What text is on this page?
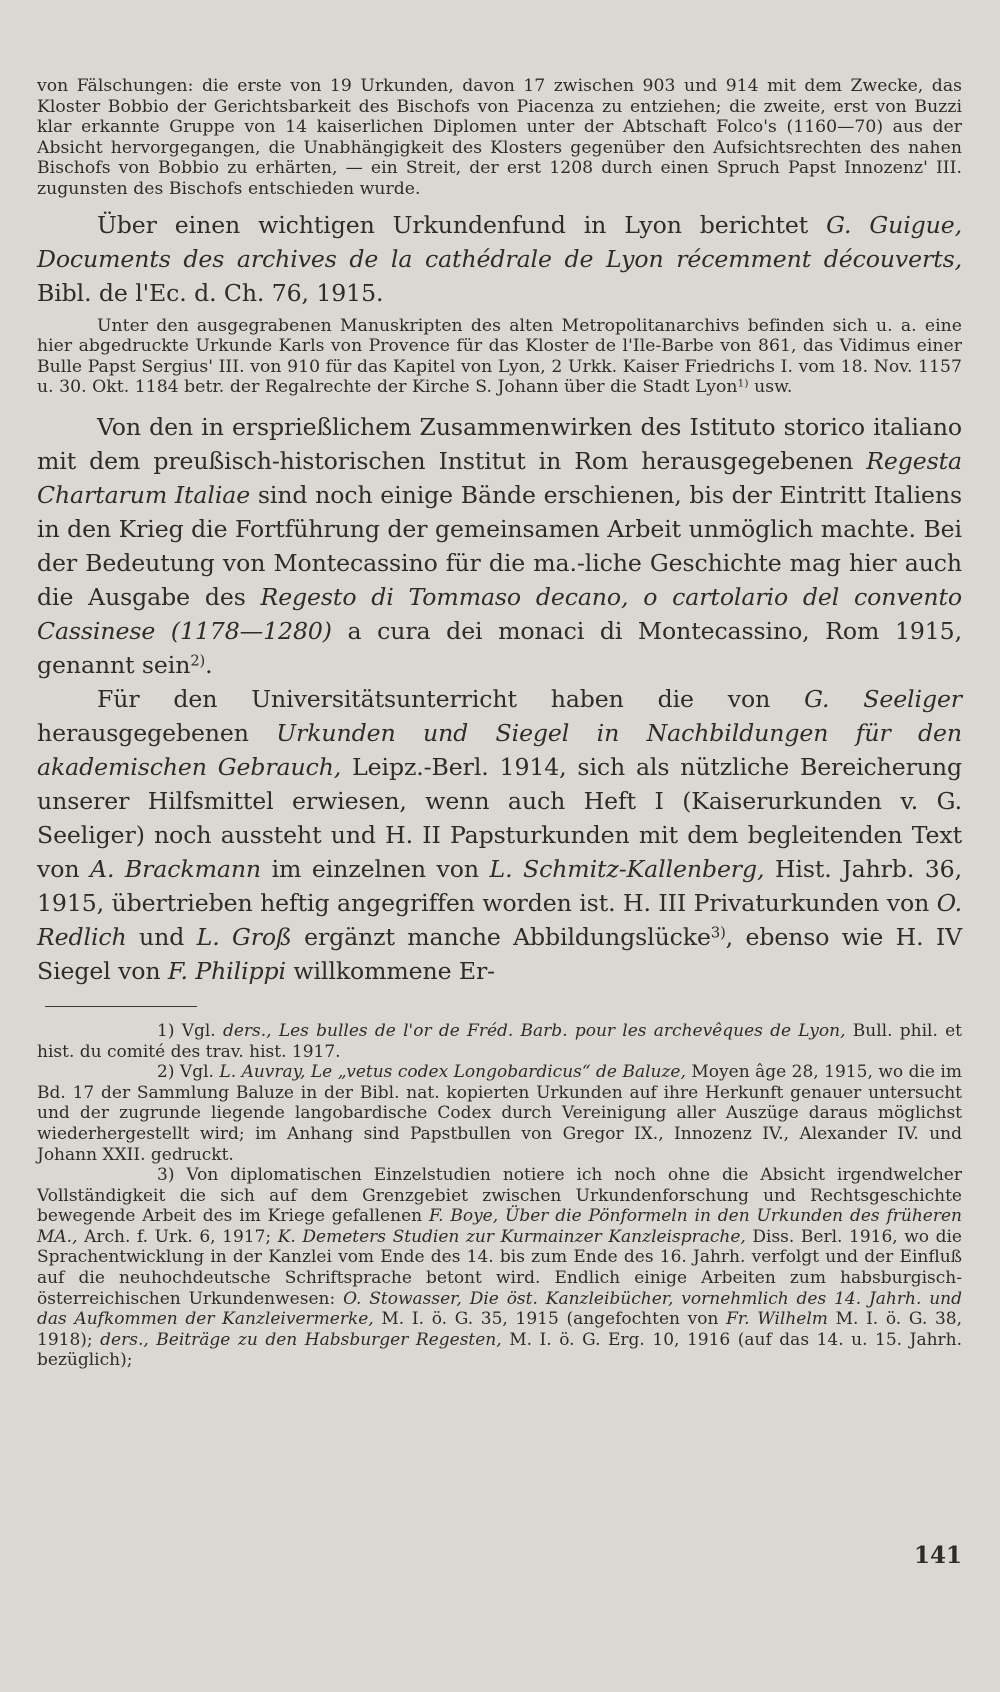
von Fälschungen: die erste von 19 Urkunden, davon 17 zwischen 903 und 914 mit dem Zwecke, das Kloster Bobbio der Gerichtsbarkeit des Bischofs von Piacenza zu entziehen; die zweite, erst von Buzzi klar erkannte Gruppe von 14 kaiserlichen Diplomen unter der Abtschaft Folco's (1160—70) aus der Absicht hervorgegangen, die Unabhängigkeit des Klosters gegenüber den Aufsichtsrechten des nahen Bischofs von Bobbio zu erhärten, — ein Streit, der erst 1208 durch einen Spruch Papst Innozenz' III. zugunsten des Bischofs entschieden wurde.

Über einen wichtigen Urkundenfund in Lyon berichtet G. Guigue, Documents des archives de la cathédrale de Lyon récemment découverts, Bibl. de l'Ec. d. Ch. 76, 1915.

Unter den ausgegrabenen Manuskripten des alten Metropolitanarchivs befinden sich u. a. eine hier abgedruckte Urkunde Karls von Provence für das Kloster de l'Ile-Barbe von 861, das Vidimus einer Bulle Papst Sergius' III. von 910 für das Kapitel von Lyon, 2 Urkk. Kaiser Friedrichs I. vom 18. Nov. 1157 u. 30. Okt. 1184 betr. der Regalrechte der Kirche S. Johann über die Stadt Lyon$^{1)}$ usw.

Von den in ersprießlichem Zusammenwirken des Istituto storico italiano mit dem preußisch-historischen Institut in Rom herausgegebenen Regesta Chartarum Italiae sind noch einige Bände erschienen, bis der Eintritt Italiens in den Krieg die Fortführung der gemeinsamen Arbeit unmöglich machte. Bei der Bedeutung von Montecassino für die ma.-liche Geschichte mag hier auch die Ausgabe des Regesto di Tommaso decano, o cartolario del convento Cassinese (1178—1280) a cura dei monaci di Montecassino, Rom 1915, genannt sein$^{2)}$.

Für den Universitätsunterricht haben die von G. Seeliger herausgegebenen Urkunden und Siegel in Nachbildungen für den akademischen Gebrauch, Leipz.-Berl. 1914, sich als nützliche Bereicherung unserer Hilfsmittel erwiesen, wenn auch Heft I (Kaiserurkunden v. G. Seeliger) noch aussteht und H. II Papsturkunden mit dem begleitenden Text von A. Brackmann im einzelnen von L. Schmitz-Kallenberg, Hist. Jahrb. 36, 1915, übertrieben heftig angegriffen worden ist. H. III Privaturkunden von O. Redlich und L. Groß ergänzt manche Abbildungslücke$^{3)}$, ebenso wie H. IV Siegel von F. Philippi willkommene Er-

1) Vgl. ders., Les bulles de l'or de Fréd. Barb. pour les archevêques de Lyon, Bull. phil. et hist. du comité des trav. hist. 1917.

2) Vgl. L. Auvray, Le „vetus codex Longobardicus“ de Baluze, Moyen âge 28, 1915, wo die im Bd. 17 der Sammlung Baluze in der Bibl. nat. kopierten Urkunden auf ihre Herkunft genauer untersucht und der zugrunde liegende langobardische Codex durch Vereinigung aller Auszüge daraus möglichst wiederhergestellt wird; im Anhang sind Papstbullen von Gregor IX., Innozenz IV., Alexander IV. und Johann XXII. gedruckt.

3) Von diplomatischen Einzelstudien notiere ich noch ohne die Absicht irgendwelcher Vollständigkeit die sich auf dem Grenzgebiet zwischen Urkundenforschung und Rechtsgeschichte bewegende Arbeit des im Kriege gefallenen F. Boye, Über die Pönformeln in den Urkunden des früheren MA., Arch. f. Urk. 6, 1917; K. Demeters Studien zur Kurmainzer Kanzleisprache, Diss. Berl. 1916, wo die Sprachentwicklung in der Kanzlei vom Ende des 14. bis zum Ende des 16. Jahrh. verfolgt und der Einfluß auf die neuhochdeutsche Schriftsprache betont wird. Endlich einige Arbeiten zum habsburgisch-österreichischen Urkundenwesen: O. Stowasser, Die öst. Kanzleibücher, vornehmlich des 14. Jahrh. und das Aufkommen der Kanzleivermerke, M. I. ö. G. 35, 1915 (angefochten von Fr. Wilhelm M. I. ö. G. 38, 1918); ders., Beiträge zu den Habsburger Regesten, M. I. ö. G. Erg. 10, 1916 (auf das 14. u. 15. Jahrh. bezüglich);

141
